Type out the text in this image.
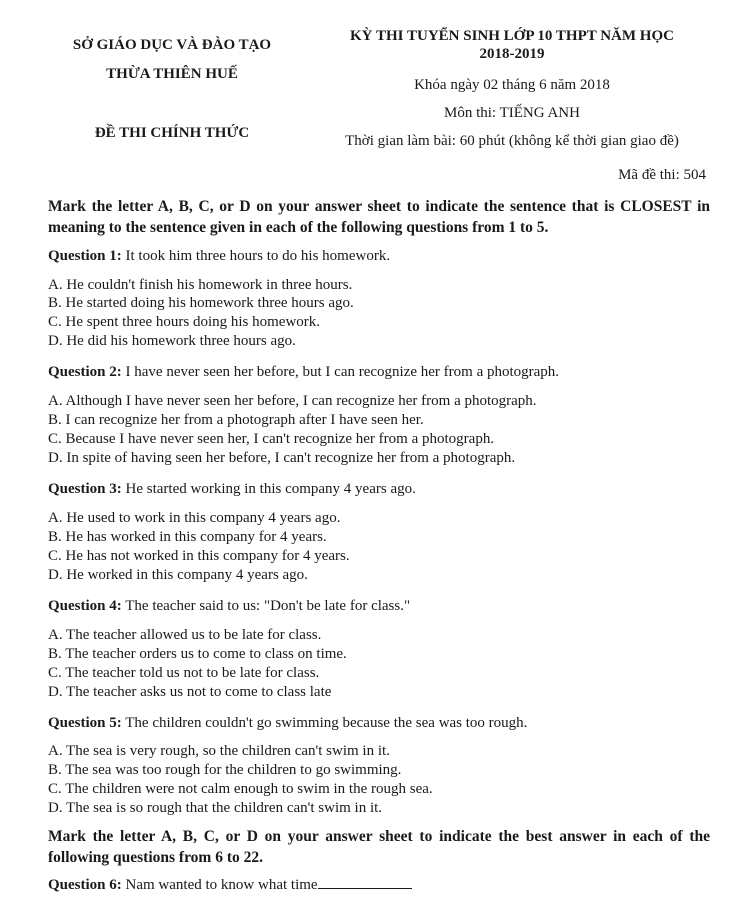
SỞ GIÁO DỤC VÀ ĐÀO TẠO
THỪA THIÊN HUẾ
ĐỀ THI CHÍNH THỨC
KỲ THI TUYỂN SINH LỚP 10 THPT NĂM HỌC
2018-2019
Khóa ngày 02 tháng 6 năm 2018
Môn thi: TIẾNG ANH
Thời gian làm bài: 60 phút (không kể thời gian giao đề)
Mã đề thi: 504
Mark the letter A, B, C, or D on your answer sheet to indicate the sentence that is CLOSEST in meaning to the sentence given in each of the following questions from 1 to 5.
Question 1: It took him three hours to do his homework.
A. He couldn't finish his homework in three hours.
B. He started doing his homework three hours ago.
C. He spent three hours doing his homework.
D. He did his homework three hours ago.
Question 2: I have never seen her before, but I can recognize her from a photograph.
A. Although I have never seen her before, I can recognize her from a photograph.
B. I can recognize her from a photograph after I have seen her.
C. Because I have never seen her, I can't recognize her from a photograph.
D. In spite of having seen her before, I can't recognize her from a photograph.
Question 3: He started working in this company 4 years ago.
A. He used to work in this company 4 years ago.
B. He has worked in this company for 4 years.
C. He has not worked in this company for 4 years.
D. He worked in this company 4 years ago.
Question 4: The teacher said to us: "Don't be late for class."
A. The teacher allowed us to be late for class.
B. The teacher orders us to come to class on time.
C. The teacher told us not to be late for class.
D. The teacher asks us not to come to class late
Question 5: The children couldn't go swimming because the sea was too rough.
A. The sea is very rough, so the children can't swim in it.
B. The sea was too rough for the children to go swimming.
C. The children were not calm enough to swim in the rough sea.
D. The sea is so rough that the children can't swim in it.
Mark the letter A, B, C, or D on your answer sheet to indicate the best answer in each of the following questions from 6 to 22.
Question 6: Nam wanted to know what time
